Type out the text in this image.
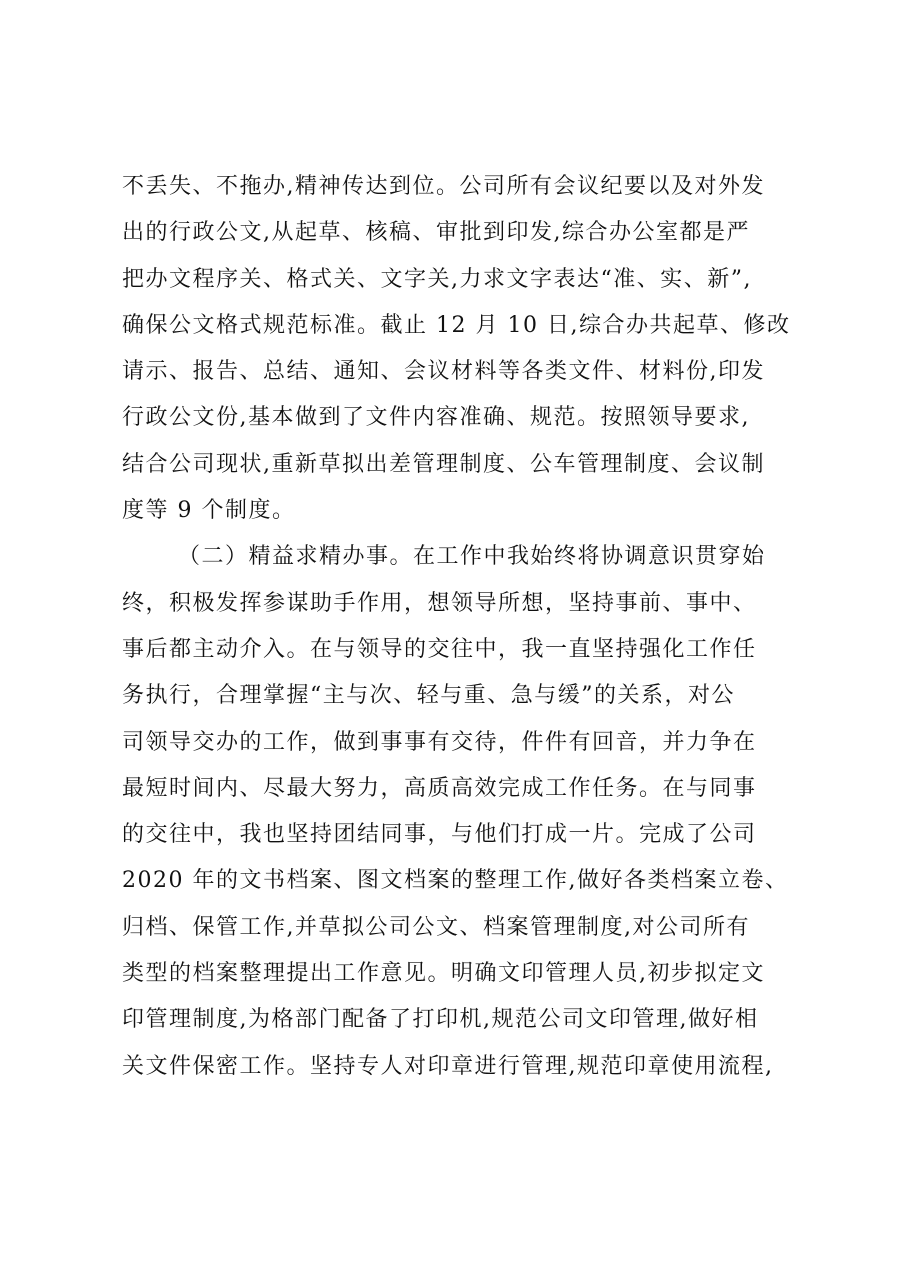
不丢失、不拖办,精神传达到位。公司所有会议纪要以及对外发
出的行政公文,从起草、核稿、审批到印发,综合办公室都是严
把办文程序关、格式关、文字关,力求文字表达“准、实、新”,
确保公文格式规范标准。截止 12 月 10 日,综合办共起草、修改
请示、报告、总结、通知、会议材料等各类文件、材料份,印发
行政公文份,基本做到了文件内容准确、规范。按照领导要求,
结合公司现状,重新草拟出差管理制度、公车管理制度、会议制
度等 9 个制度。
（二）精益求精办事。在工作中我始终将协调意识贯穿始
终，积极发挥参谋助手作用，想领导所想，坚持事前、事中、
事后都主动介入。在与领导的交往中，我一直坚持强化工作任
务执行，合理掌握“主与次、轻与重、急与缓”的关系，对公
司领导交办的工作，做到事事有交待，件件有回音，并力争在
最短时间内、尽最大努力，高质高效完成工作任务。在与同事
的交往中，我也坚持团结同事，与他们打成一片。完成了公司
2020 年的文书档案、图文档案的整理工作,做好各类档案立卷、
归档、保管工作,并草拟公司公文、档案管理制度,对公司所有
类型的档案整理提出工作意见。明确文印管理人员,初步拟定文
印管理制度,为格部门配备了打印机,规范公司文印管理,做好相
关文件保密工作。坚持专人对印章进行管理,规范印章使用流程,
